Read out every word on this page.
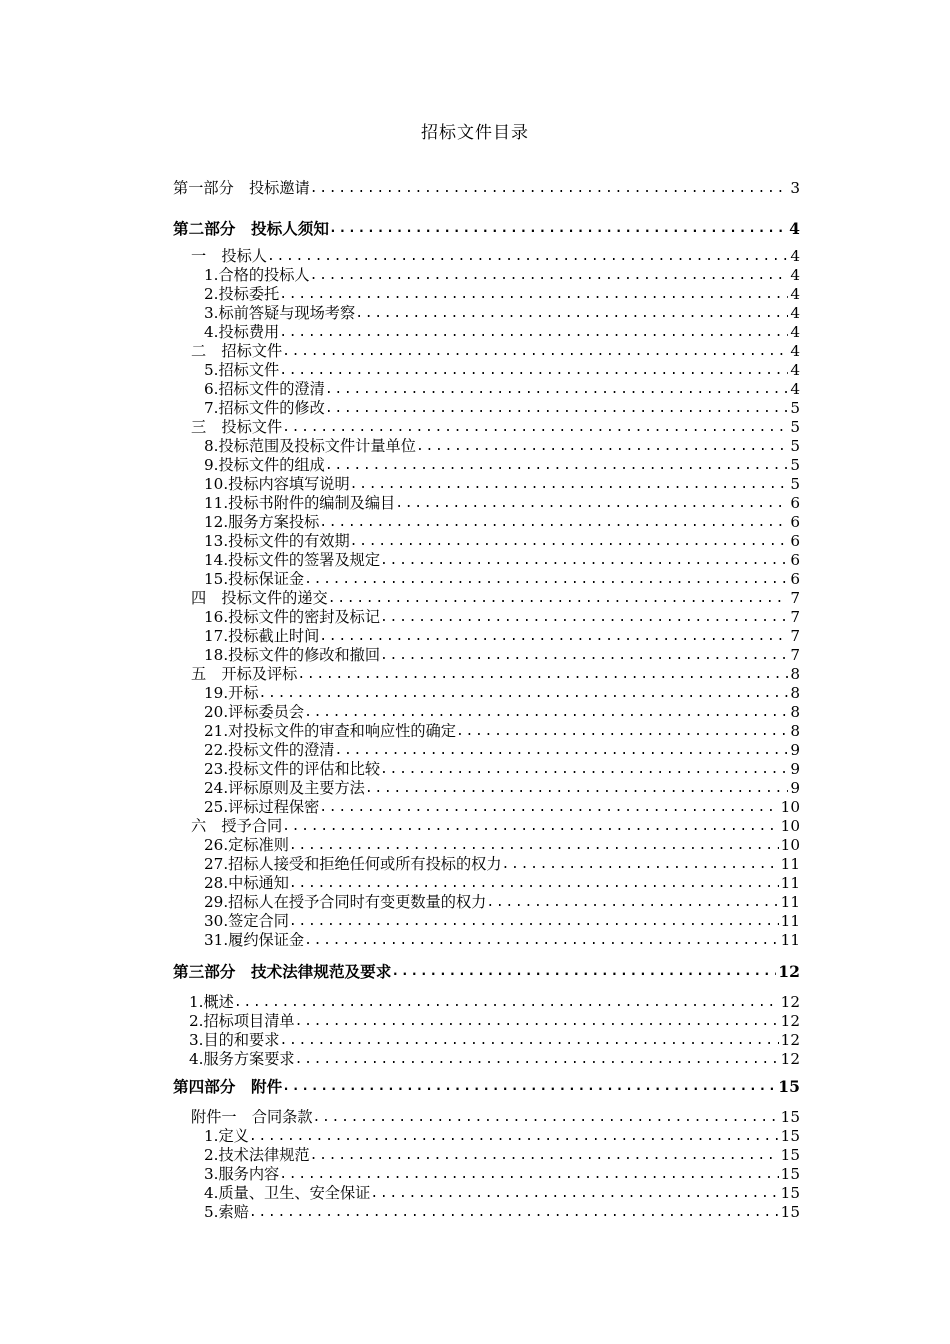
招标文件目录
第一部分　投标邀请 .....	3
第二部分　投标人须知 .....	4
一　投标人 .....	4
1.合格的投标人 .....	4
2.投标委托 .....	4
3.标前答疑与现场考察 .....	4
4.投标费用 .....	4
二　招标文件 .....	4
5.招标文件 .....	4
6.招标文件的澄清 .....	4
7.招标文件的修改 .....	5
三　投标文件 .....	5
8.投标范围及投标文件计量单位 .....	5
9.投标文件的组成 .....	5
10.投标内容填写说明 .....	5
11.投标书附件的编制及编目 .....	6
12.服务方案投标 .....	6
13.投标文件的有效期 .....	6
14.投标文件的签署及规定 .....	6
15.投标保证金 .....	6
四　投标文件的递交 .....	7
16.投标文件的密封及标记 .....	7
17.投标截止时间 .....	7
18.投标文件的修改和撤回 .....	7
五　开标及评标 .....	8
19.开标 .....	8
20.评标委员会 .....	8
21.对投标文件的审查和响应性的确定 .....	8
22.投标文件的澄清 .....	9
23.投标文件的评估和比较 .....	9
24.评标原则及主要方法 .....	9
25.评标过程保密 .....	10
六　授予合同 .....	10
26.定标准则 .....	10
27.招标人接受和拒绝任何或所有投标的权力 .....	11
28.中标通知 .....	11
29.招标人在授予合同时有变更数量的权力 .....	11
30.签定合同 .....	11
31.履约保证金 .....	11
第三部分　技术法律规范及要求 .....	12
1.概述 .....	12
2.招标项目清单 .....	12
3.目的和要求 .....	12
4.服务方案要求 .....	12
第四部分　附件 .....	15
附件一　合同条款 .....	15
1.定义 .....	15
2.技术法律规范 .....	15
3.服务内容 .....	15
4.质量、卫生、安全保证 .....	15
5.索赔 .....	15
